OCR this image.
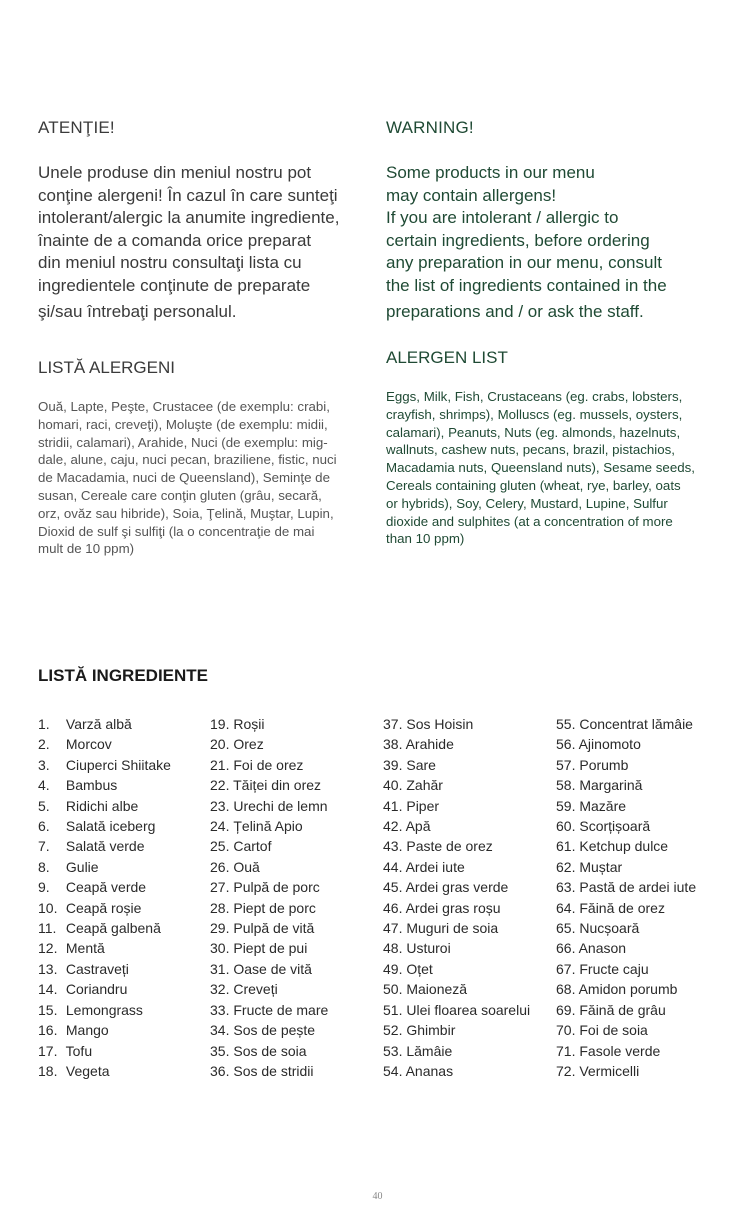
ATENŢIE!

Unele produse din meniul nostru pot
conţine alergeni! În cazul în care sunteţi
intolerant/alergic la anumite ingrediente,
înainte de a comanda orice preparat
din meniul nostru consultaţi lista cu
ingredientele conţinute de preparate
şi/sau întrebaţi personalul.

LISTĂ ALERGENI

Ouă, Lapte, Peşte, Crustacee (de exemplu: crabi,
homari, raci, creveţi), Moluşte (de exemplu: midii,
stridii, calamari), Arahide, Nuci (de exemplu: mig-
dale, alune, caju, nuci pecan, braziliene, fistic, nuci
de Macadamia, nuci de Queensland), Seminţe de
susan, Cereale care conţin gluten (grâu, secară,
orz, ovăz sau hibride), Soia, Ţelină, Muştar, Lupin,
Dioxid de sulf şi sulfiţi (la o concentraţie de mai
mult de 10 ppm)

WARNING!

Some products in our menu
may contain allergens!
If you are intolerant / allergic to
certain ingredients, before ordering
any preparation in our menu, consult
the list of ingredients contained in the
preparations and / or ask the staff.

ALERGEN LIST

Eggs, Milk, Fish, Crustaceans (eg. crabs, lobsters,
crayfish, shrimps), Molluscs (eg. mussels, oysters,
calamari), Peanuts, Nuts (eg. almonds, hazelnuts,
wallnuts, cashew nuts, pecans, brazil, pistachios,
Macadamia nuts, Queensland nuts), Sesame seeds,
Cereals containing gluten (wheat, rye, barley, oats
or hybrids), Soy, Celery, Mustard, Lupine, Sulfur
dioxide and sulphites (at a concentration of more
than 10 ppm)

LISTĂ INGREDIENTE
1. Varză albă
2. Morcov
3. Ciuperci Shiitake
4. Bambus
5. Ridichi albe
6. Salată iceberg
7. Salată verde
8. Gulie
9. Ceapă verde
10. Ceapă roșie
11. Ceapă galbenă
12. Mentă
13. Castraveți
14. Coriandru
15. Lemongrass
16. Mango
17. Tofu
18. Vegeta
19. Roșii
20. Orez
21. Foi de orez
22. Tăiței din orez
23. Urechi de lemn
24. Țelină Apio
25. Cartof
26. Ouă
27. Pulpă de porc
28. Piept de porc
29. Pulpă de vită
30. Piept de pui
31. Oase de vită
32. Creveți
33. Fructe de mare
34. Sos de pește
35. Sos de soia
36. Sos de stridii
37. Sos Hoisin
38. Arahide
39. Sare
40. Zahăr
41. Piper
42. Apă
43. Paste de orez
44. Ardei iute
45. Ardei gras verde
46. Ardei gras roșu
47. Muguri de soia
48. Usturoi
49. Oțet
50. Maioneză
51. Ulei floarea soarelui
52. Ghimbir
53. Lămâie
54. Ananas
55. Concentrat lămâie
56. Ajinomoto
57. Porumb
58. Margarină
59. Mazăre
60. Scorțișoară
61. Ketchup dulce
62. Muștar
63. Pastă de ardei iute
64. Făină de orez
65. Nucșoară
66. Anason
67. Fructe caju
68. Amidon porumb
69. Făină de grâu
70. Foi de soia
71. Fasole verde
72. Vermicelli
40
